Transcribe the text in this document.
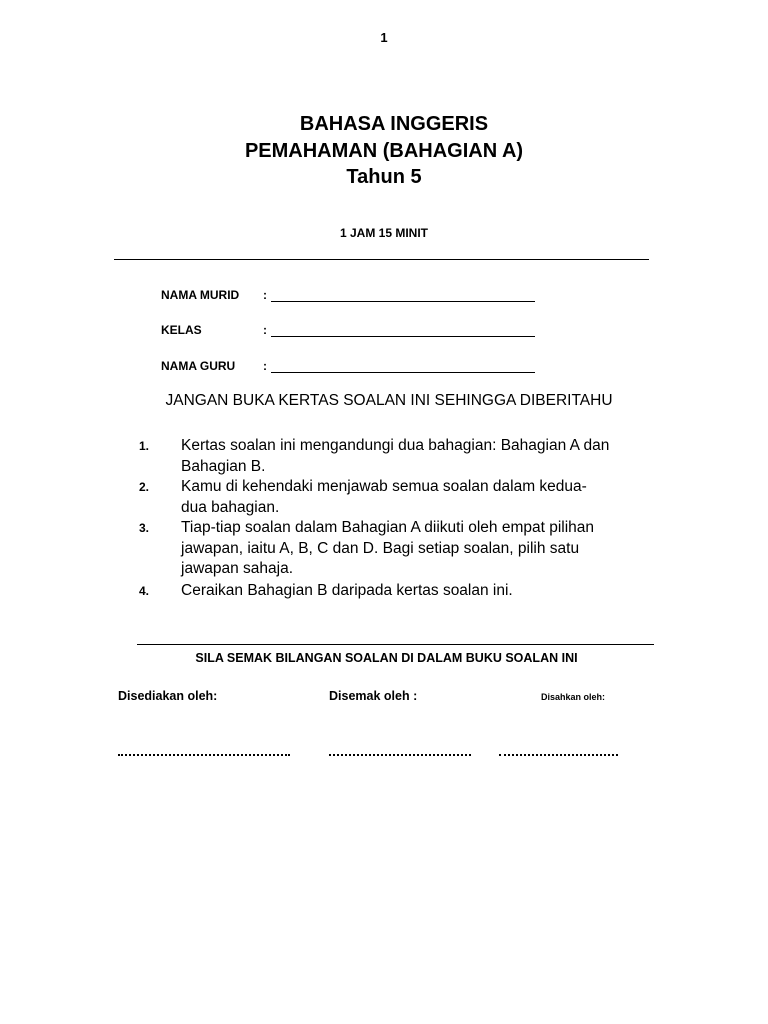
1
BAHASA INGGERIS
PEMAHAMAN (BAHAGIAN A)
Tahun 5
1 JAM 15 MINIT
NAMA MURID	:
KELAS	:
NAMA GURU	:
JANGAN BUKA KERTAS SOALAN INI SEHINGGA DIBERITAHU
1. Kertas soalan ini mengandungi dua bahagian: Bahagian A dan Bahagian B.
2. Kamu di kehendaki menjawab semua soalan dalam kedua-dua bahagian.
3. Tiap-tiap soalan dalam Bahagian A diikuti oleh empat pilihan jawapan, iaitu A, B, C dan D. Bagi setiap soalan, pilih satu jawapan sahaja.
4. Ceraikan Bahagian B daripada kertas soalan ini.
SILA SEMAK BILANGAN SOALAN DI DALAM BUKU SOALAN INI
Disediakan oleh:	Disemak oleh :	Disahkan oleh:
